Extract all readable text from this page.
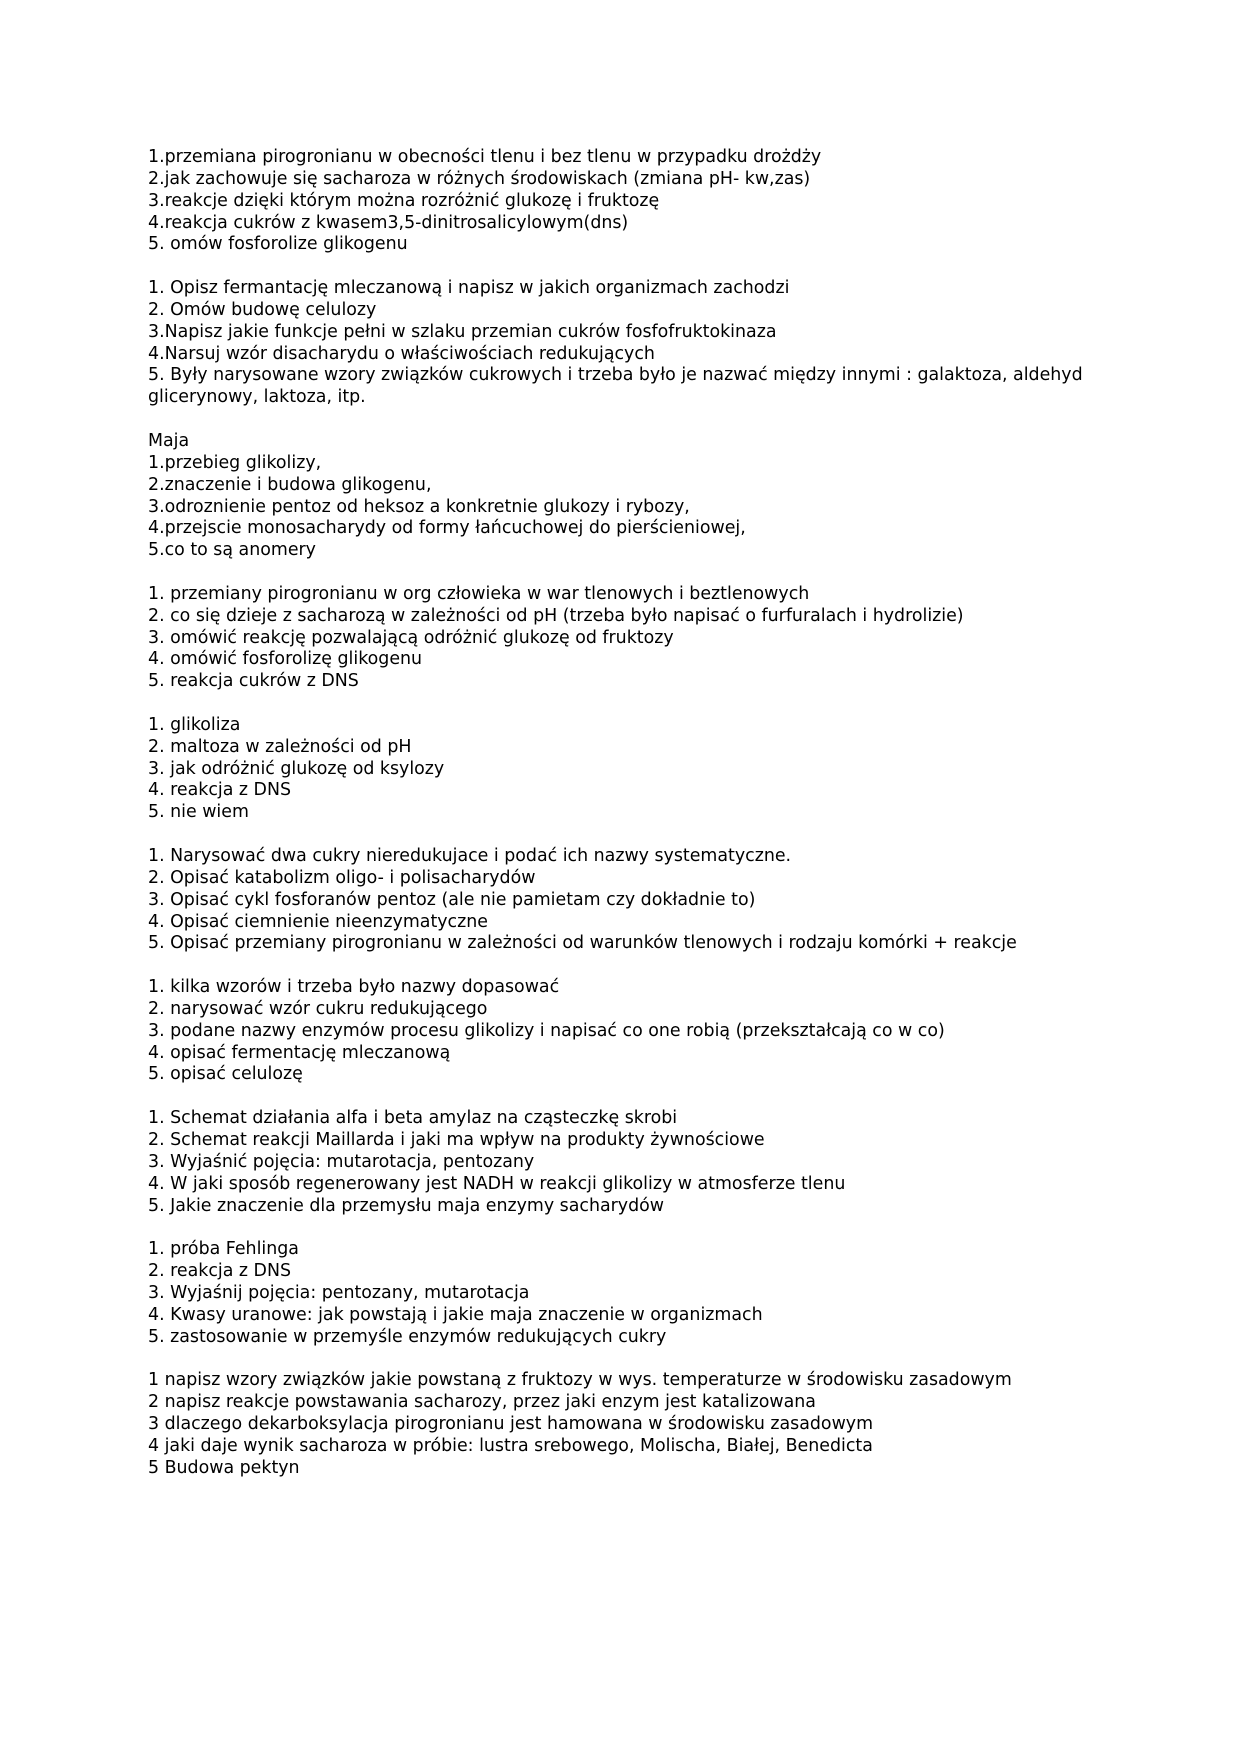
1.przemiana pirogronianu w obecności tlenu i bez tlenu w przypadku drożdży
2.jak zachowuje się sacharoza w różnych środowiskach (zmiana pH- kw,zas)
3.reakcje dzięki którym można rozróżnić glukozę i fruktozę
4.reakcja cukrów z kwasem3,5-dinitrosalicylowym(dns)
5. omów fosforolize glikogenu
1. Opisz fermantację mleczanową i napisz w jakich organizmach zachodzi
2. Omów budowę celulozy
3.Napisz jakie funkcje pełni w szlaku przemian cukrów fosfofruktokinaza
4.Narsuj wzór disacharydu o właściwościach redukujących
5. Były narysowane wzory związków cukrowych i trzeba było je nazwać między innymi : galaktoza, aldehyd glicerynowy, laktoza, itp.
Maja
1.przebieg glikolizy,
2.znaczenie i budowa glikogenu,
3.odroznienie pentoz od heksoz a konkretnie glukozy i rybozy,
4.przejscie monosacharydy od formy łańcuchowej do pierścieniowej,
5.co to są anomery
1. przemiany pirogronianu w org człowieka w war tlenowych i beztlenowych
2. co się dzieje z sacharozą w zależności od pH (trzeba było napisać o furfuralach i hydrolizie)
3. omówić reakcję pozwalającą odróżnić glukozę od fruktozy
4. omówić fosforolizę glikogenu
5. reakcja cukrów z DNS
1. glikoliza
2. maltoza w zależności od pH
3. jak odróżnić glukozę od ksylozy
4. reakcja z DNS
5. nie wiem
1. Narysować dwa cukry nieredukujace i podać ich nazwy systematyczne.
2. Opisać katabolizm oligo- i polisacharydów
3. Opisać cykl fosforanów pentoz (ale nie pamietam czy dokładnie to)
4. Opisać ciemnienie nieenzymatyczne
5. Opisać przemiany pirogronianu w zależności od warunków tlenowych i rodzaju komórki + reakcje
1. kilka wzorów i trzeba było nazwy dopasować
2. narysować wzór cukru redukującego
3. podane nazwy enzymów procesu glikolizy i napisać co one robią (przekształcają co w co)
4. opisać fermentację mleczanową
5. opisać celulozę
1. Schemat działania alfa i beta amylaz na cząsteczkę skrobi
2. Schemat reakcji Maillarda i jaki ma wpływ na produkty żywnościowe
3. Wyjaśnić pojęcia: mutarotacja, pentozany
4. W jaki sposób regenerowany jest NADH w reakcji glikolizy w atmosferze tlenu
5. Jakie znaczenie dla przemysłu maja enzymy sacharydów
1. próba Fehlinga
2. reakcja z DNS
3. Wyjaśnij pojęcia: pentozany, mutarotacja
4. Kwasy uranowe: jak powstają i jakie maja znaczenie w organizmach
5. zastosowanie w przemyśle enzymów redukujących cukry
1 napisz wzory związków jakie powstaną z fruktozy w wys. temperaturze w środowisku zasadowym
2 napisz reakcje powstawania sacharozy, przez jaki enzym jest katalizowana
3 dlaczego dekarboksylacja pirogronianu jest hamowana w środowisku zasadowym
4 jaki daje wynik sacharoza w próbie: lustra srebowego, Molischa, Białej, Benedicta
5 Budowa pektyn
